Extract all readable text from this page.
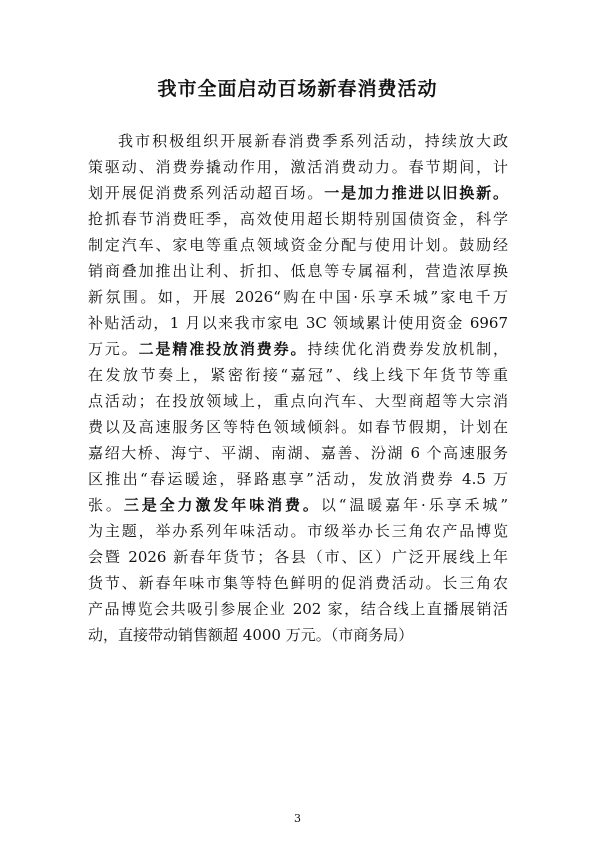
我市全面启动百场新春消费活动
我市积极组织开展新春消费季系列活动，持续放大政
策驱动、消费券撬动作用，激活消费动力。春节期间，计
划开展促消费系列活动超百场。一是加力推进以旧换新。
抢抓春节消费旺季，高效使用超长期特别国债资金，科学
制定汽车、家电等重点领域资金分配与使用计划。鼓励经
销商叠加推出让利、折扣、低息等专属福利，营造浓厚换
新氛围。如，开展 2026“购在中国·乐享禾城”家电千万
补贴活动，1 月以来我市家电 3C 领域累计使用资金 6967
万元。二是精准投放消费券。持续优化消费券发放机制，
在发放节奏上，紧密衔接“嘉冠”、线上线下年货节等重
点活动；在投放领域上，重点向汽车、大型商超等大宗消
费以及高速服务区等特色领域倾斜。如春节假期，计划在
嘉绍大桥、海宁、平湖、南湖、嘉善、汾湖 6 个高速服务
区推出“春运暖途，驿路惠享”活动，发放消费券 4.5 万
张。三是全力激发年味消费。以“温暖嘉年·乐享禾城”
为主题，举办系列年味活动。市级举办长三角农产品博览
会暨 2026 新春年货节；各县（市、区）广泛开展线上年
货节、新春年味市集等特色鲜明的促消费活动。长三角农
产品博览会共吸引参展企业 202 家，结合线上直播展销活
动，直接带动销售额超 4000 万元。（市商务局）
3
